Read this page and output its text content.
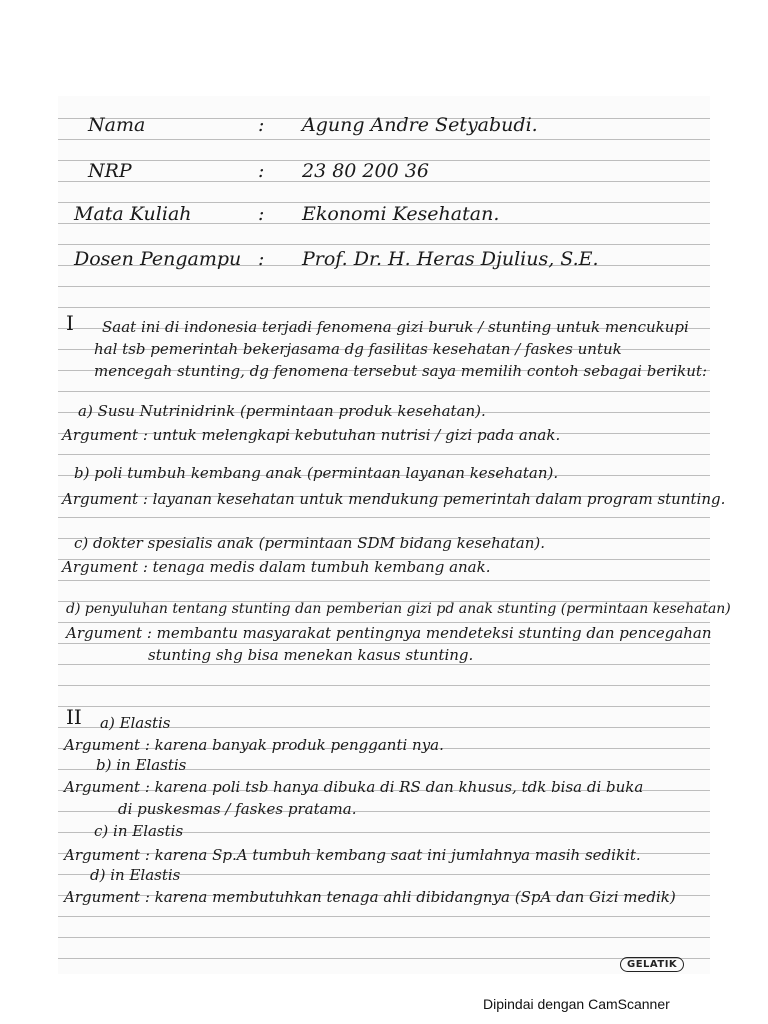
Nama	: Agung Andre Setyabudi.
NRP	: 23 80 200 36
Mata Kuliah	: Ekonomi Kesehatan.
Dosen Pengampu : Prof. Dr. H. Heras Djulius, S.E.
I Saat ini di indonesia terjadi fenomena gizi buruk / stunting untuk mencukupi
hal tsb pemerintah bekerjasama dg fasilitas kesehatan / faskes untuk
mencegah stunting, dg fenomena tersebut saya memilih contoh sebagai berikut:
a) Susu Nutrinidrink (permintaan produk kesehatan).
Argument : untuk melengkapi kebutuhan nutrisi / gizi pada anak.
b) poli tumbuh kembang anak (permintaan layanan kesehatan).
Argument : layanan kesehatan untuk mendukung pemerintah dalam program stunting.
c) dokter spesialis anak (permintaan SDM bidang kesehatan).
Argument : tenaga medis dalam tumbuh kembang anak.
d) penyuluhan tentang stunting dan pemberian gizi pd anak stunting (permintaan kesehatan)
Argument : membantu masyarakat pentingnya mendeteksi stunting dan pencegahan
stunting shg bisa menekan kasus stunting.
II a) Elastis
Argument : karena banyak produk pengganti nya.
b) in Elastis
Argument : karena poli tsb hanya dibuka di RS dan khusus, tdk bisa di buka
di puskesmas / faskes pratama.
c) in Elastis
Argument : karena Sp.A tumbuh kembang saat ini jumlahnya masih sedikit.
d) in Elastis
Argument : karena membutuhkan tenaga ahli dibidangnya (SpA dan Gizi medik)
GELATIK
Dipindai dengan CamScanner
